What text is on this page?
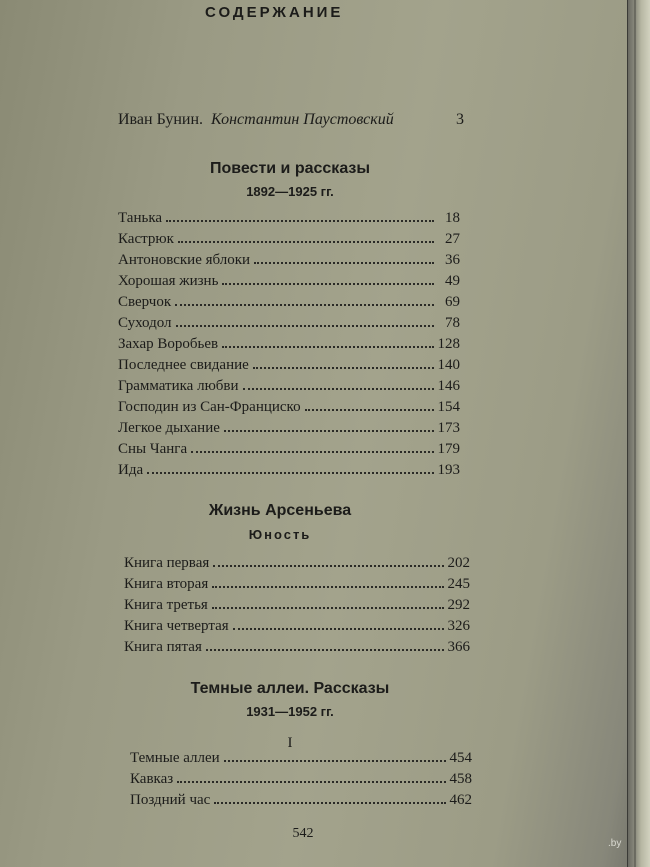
СОДЕРЖАНИЕ
Иван Бунин. Константин Паустовский	3
Повести и рассказы
1892—1925 гг.
Танька	18
Кастрюк	27
Антоновские яблоки	36
Хорошая жизнь	49
Сверчок	69
Суходол	78
Захар Воробьев	128
Последнее свидание	140
Грамматика любви	146
Господин из Сан-Франциско	154
Легкое дыхание	173
Сны Чанга	179
Ида	193
Жизнь Арсеньева
Юность
Книга первая	202
Книга вторая	245
Книга третья	292
Книга четвертая	326
Книга пятая	366
Темные аллеи. Рассказы
1931—1952 гг.
I
Темные аллеи	454
Кавказ	458
Поздний час	462
542
.by
